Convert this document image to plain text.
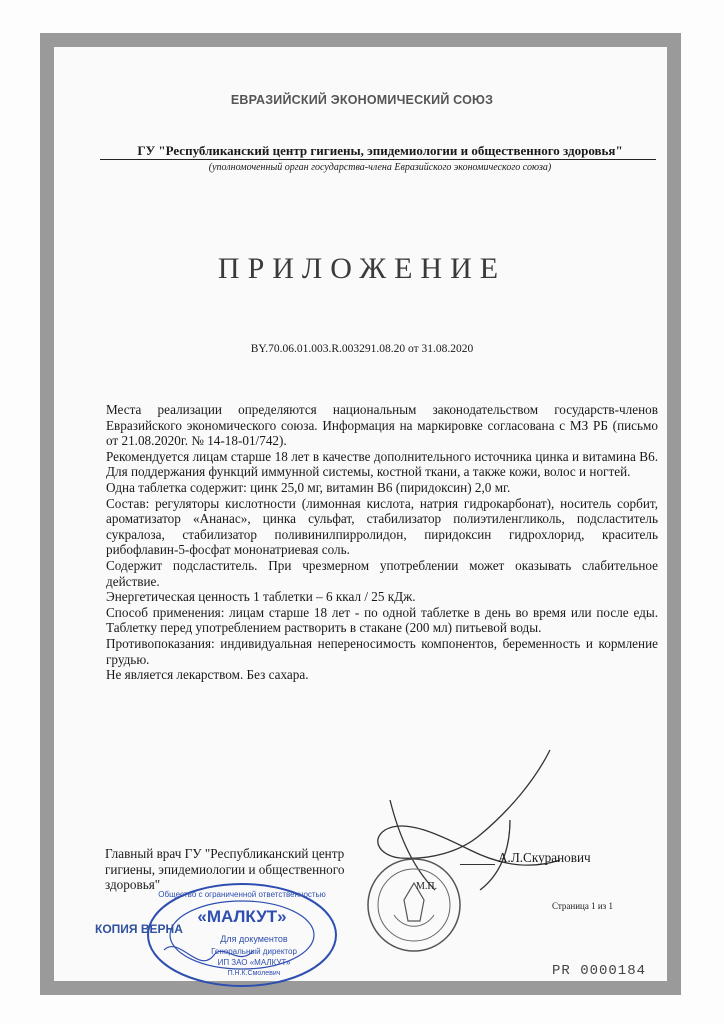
ЕВРАЗИЙСКИЙ ЭКОНОМИЧЕСКИЙ СОЮЗ
ГУ "Республиканский центр гигиены, эпидемиологии и общественного здоровья"
(уполномоченный орган государства-члена Евразийского экономического союза)
ПРИЛОЖЕНИЕ
BY.70.06.01.003.R.003291.08.20 от 31.08.2020

Места реализации определяются национальным законодательством государств-членов Евразийского экономического союза. Информация на маркировке согласована с МЗ РБ (письмо от 21.08.2020г. № 14-18-01/742).

Рекомендуется лицам старше 18 лет в качестве дополнительного источника цинка и витамина В6. Для поддержания функций иммунной системы, костной ткани, а также кожи, волос и ногтей.

Одна таблетка содержит: цинк 25,0 мг, витамин В6 (пиридоксин) 2,0 мг.

Состав: регуляторы кислотности (лимонная кислота, натрия гидрокарбонат), носитель сорбит, ароматизатор «Ананас», цинка сульфат, стабилизатор полиэтиленгликоль, подсластитель сукралоза, стабилизатор поливинилпирролидон, пиридоксин гидрохлорид, краситель рибофлавин-5-фосфат мононатриевая соль.

Содержит подсластитель. При чрезмерном употреблении может оказывать слабительное действие.

Энергетическая ценность 1 таблетки – 6 ккал / 25 кДж.

Способ применения: лицам старше 18 лет - по одной таблетке в день во время или после еды. Таблетку перед употреблением растворить в стакане (200 мл) питьевой воды.

Противопоказания: индивидуальная непереносимость компонентов, беременность и кормление грудью.

Не является лекарством. Без сахара.

Главный врач ГУ "Республиканский центр гигиены, эпидемиологии и общественного здоровья"
А.Л.Скуранович
М.П.
Страница 1 из 1
Общество с ограниченной ответственностью
«МАЛКУТ»
Для документов
Генеральный директор
ИП ЗАО «МАЛКУТ»
П.Н.К.Смолевич
КОПИЯ ВЕРНА
PR 0000184
